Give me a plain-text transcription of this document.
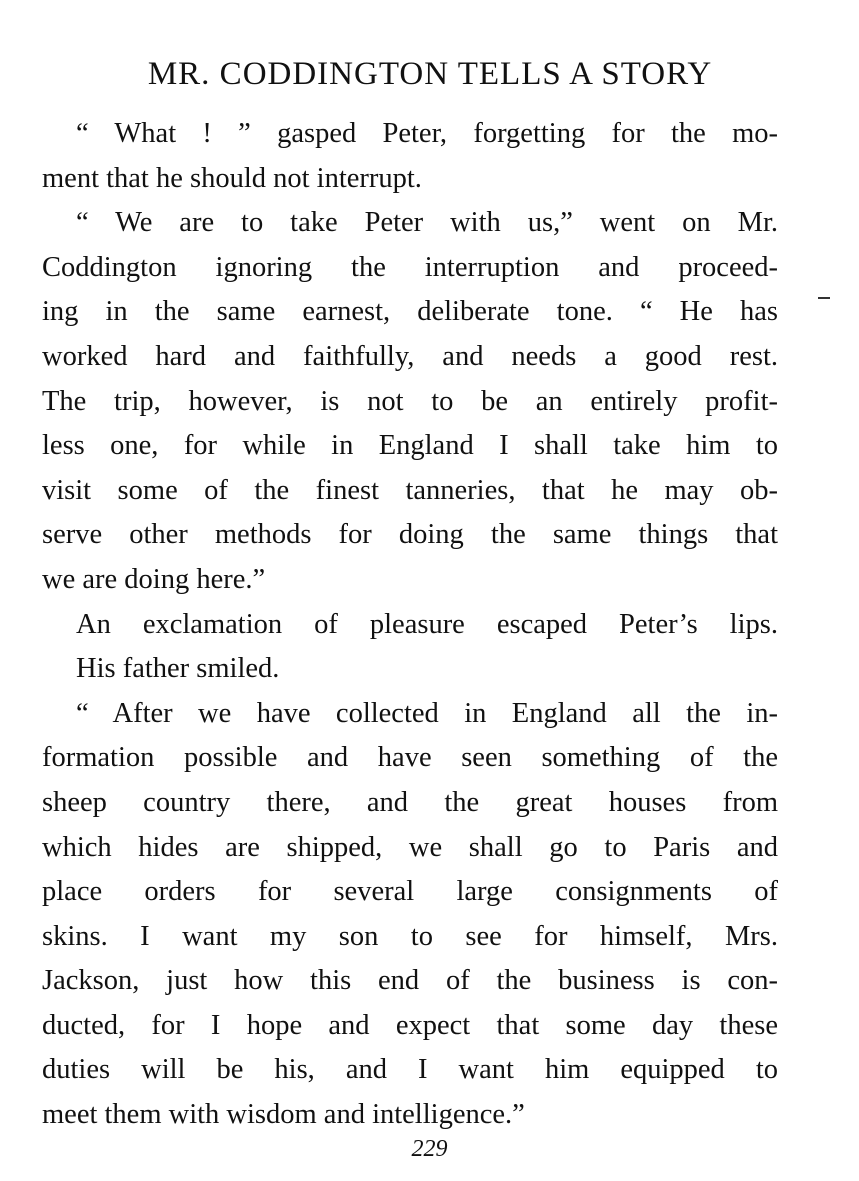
MR. CODDINGTON TELLS A STORY
“ What ! ” gasped Peter, forgetting for the mo-
ment that he should not interrupt.
“ We are to take Peter with us,” went on Mr.
Coddington ignoring the interruption and proceed-
ing in the same earnest, deliberate tone. “ He has
worked hard and faithfully, and needs a good rest.
The trip, however, is not to be an entirely profit-
less one, for while in England I shall take him to
visit some of the finest tanneries, that he may ob-
serve other methods for doing the same things that
we are doing here.”
An exclamation of pleasure escaped Peter’s lips.
His father smiled.
“ After we have collected in England all the in-
formation possible and have seen something of the
sheep country there, and the great houses from
which hides are shipped, we shall go to Paris and
place orders for several large consignments of
skins. I want my son to see for himself, Mrs.
Jackson, just how this end of the business is con-
ducted, for I hope and expect that some day these
duties will be his, and I want him equipped to
meet them with wisdom and intelligence.”
229
